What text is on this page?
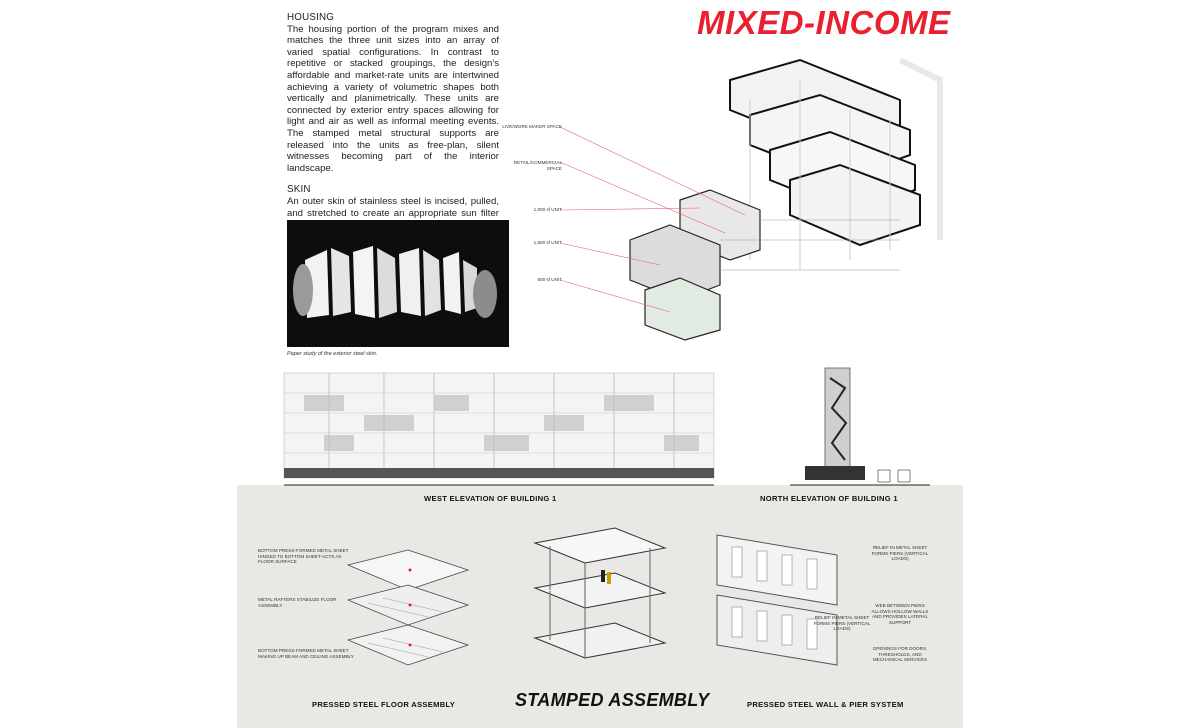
MIXED-INCOME
HOUSING

The housing portion of the program mixes and matches the three unit sizes into an array of varied spatial configurations. In contrast to repetitive or stacked groupings, the design's affordable and market-rate units are intertwined achieving a variety of volumetric shapes both vertically and planimetrically. These units are connected by exterior entry spaces allowing for light and air as well as informal meeting events. The stamped metal structural supports are released into the units as free-plan, silent witnesses becoming part of the interior landscape.

SKIN

An outer skin of stainless steel is incised, pulled, and stretched to create an appropriate sun filter

Paper study of the exterior steel skin.
LIVE/WORK MAKER SPACE
RETAIL/COMMERCIAL SPACE
1,000 sf UNIT
1,500 sf UNIT
600 sf UNIT
WEST ELEVATION OF BUILDING 1	NORTH ELEVATION OF BUILDING 1
BOTTOM PRESS-FORMED METAL SHEET HINGED TO BOTTOM SHEET-ACTS AS FLOOR SURFACE
METAL RAFTERS STABILIZE FLOOR ASSEMBLY
BOTTOM PRESS-FORMED METAL SHEET MAKING UP BEAM AND CEILING ASSEMBLY
RELIEF IN METAL SHEET FORMS PIERS (VERTICAL LOADS)
WEB BETWEEN PIERS ALLOWS HOLLOW WALLS AND PROVIDES LATERAL SUPPORT
RELIEF IN METAL SHEET FORMS PIERS (VERTICAL LOADS)
OPENINGS FOR DOORS, THRESHOLDS, AND MECHANICAL SERVICES
PRESSED STEEL FLOOR ASSEMBLY	STAMPED ASSEMBLY	PRESSED STEEL WALL & PIER SYSTEM
